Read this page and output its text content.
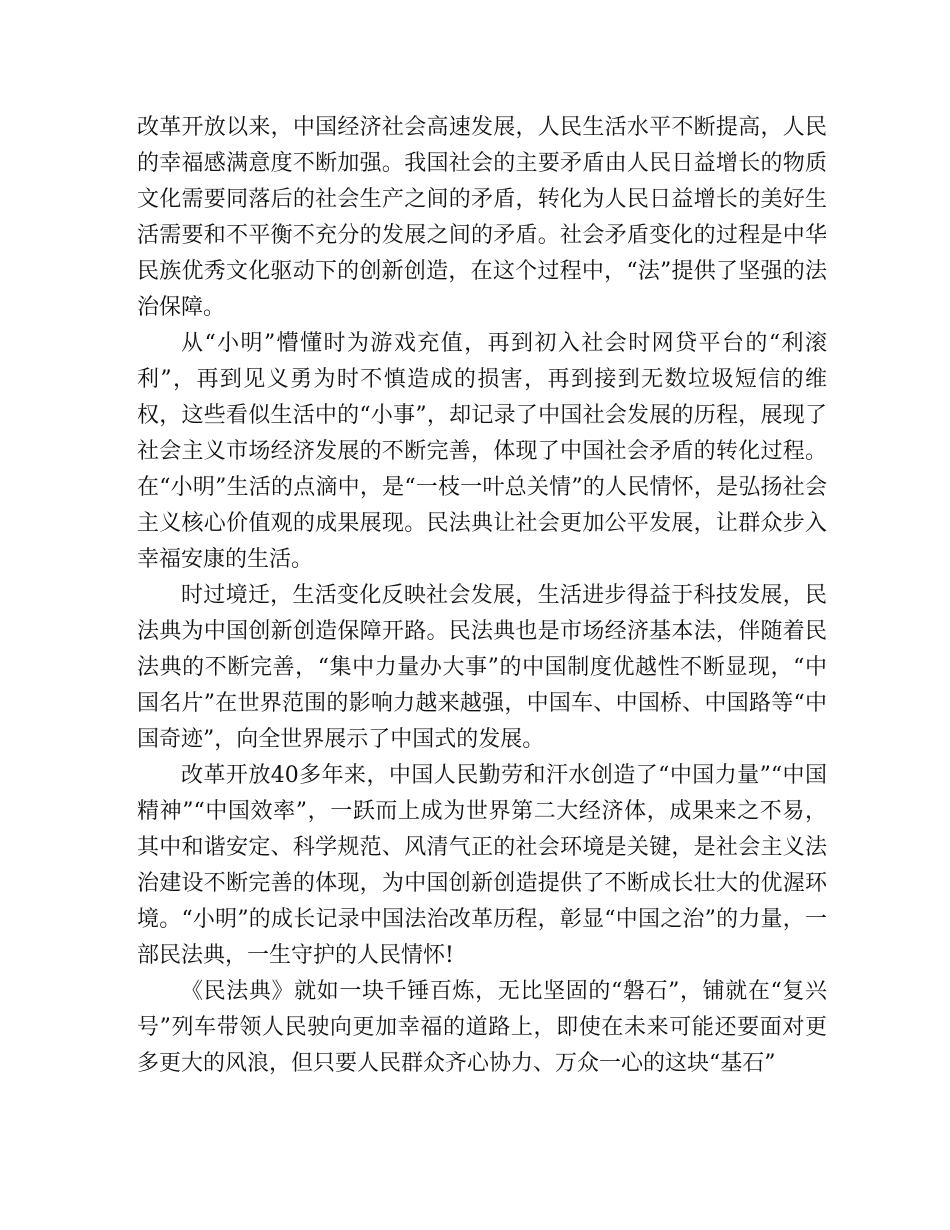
改革开放以来，中国经济社会高速发展，人民生活水平不断提高，人民的幸福感满意度不断加强。我国社会的主要矛盾由人民日益增长的物质文化需要同落后的社会生产之间的矛盾，转化为人民日益增长的美好生活需要和不平衡不充分的发展之间的矛盾。社会矛盾变化的过程是中华民族优秀文化驱动下的创新创造，在这个过程中，“法”提供了坚强的法治保障。

从“小明”懵懂时为游戏充值，再到初入社会时网贷平台的“利滚利”，再到见义勇为时不慎造成的损害，再到接到无数垃圾短信的维权，这些看似生活中的“小事”，却记录了中国社会发展的历程，展现了社会主义市场经济发展的不断完善，体现了中国社会矛盾的转化过程。在“小明”生活的点滴中，是“一枝一叶总关情”的人民情怀，是弘扬社会主义核心价值观的成果展现。民法典让社会更加公平发展，让群众步入幸福安康的生活。

时过境迁，生活变化反映社会发展，生活进步得益于科技发展，民法典为中国创新创造保障开路。民法典也是市场经济基本法，伴随着民法典的不断完善，“集中力量办大事”的中国制度优越性不断显现，“中国名片”在世界范围的影响力越来越强，中国车、中国桥、中国路等“中国奇迹”，向全世界展示了中国式的发展。

改革开放40多年来，中国人民勤劳和汗水创造了“中国力量”“中国精神”“中国效率”，一跃而上成为世界第二大经济体，成果来之不易，其中和谐安定、科学规范、风清气正的社会环境是关键，是社会主义法治建设不断完善的体现，为中国创新创造提供了不断成长壮大的优渥环境。“小明”的成长记录中国法治改革历程，彰显“中国之治”的力量，一部民法典，一生守护的人民情怀!

《民法典》就如一块千锤百炼，无比坚固的“磐石”，铺就在“复兴号”列车带领人民驶向更加幸福的道路上，即使在未来可能还要面对更多更大的风浪，但只要人民群众齐心协力、万众一心的这块“基石”
